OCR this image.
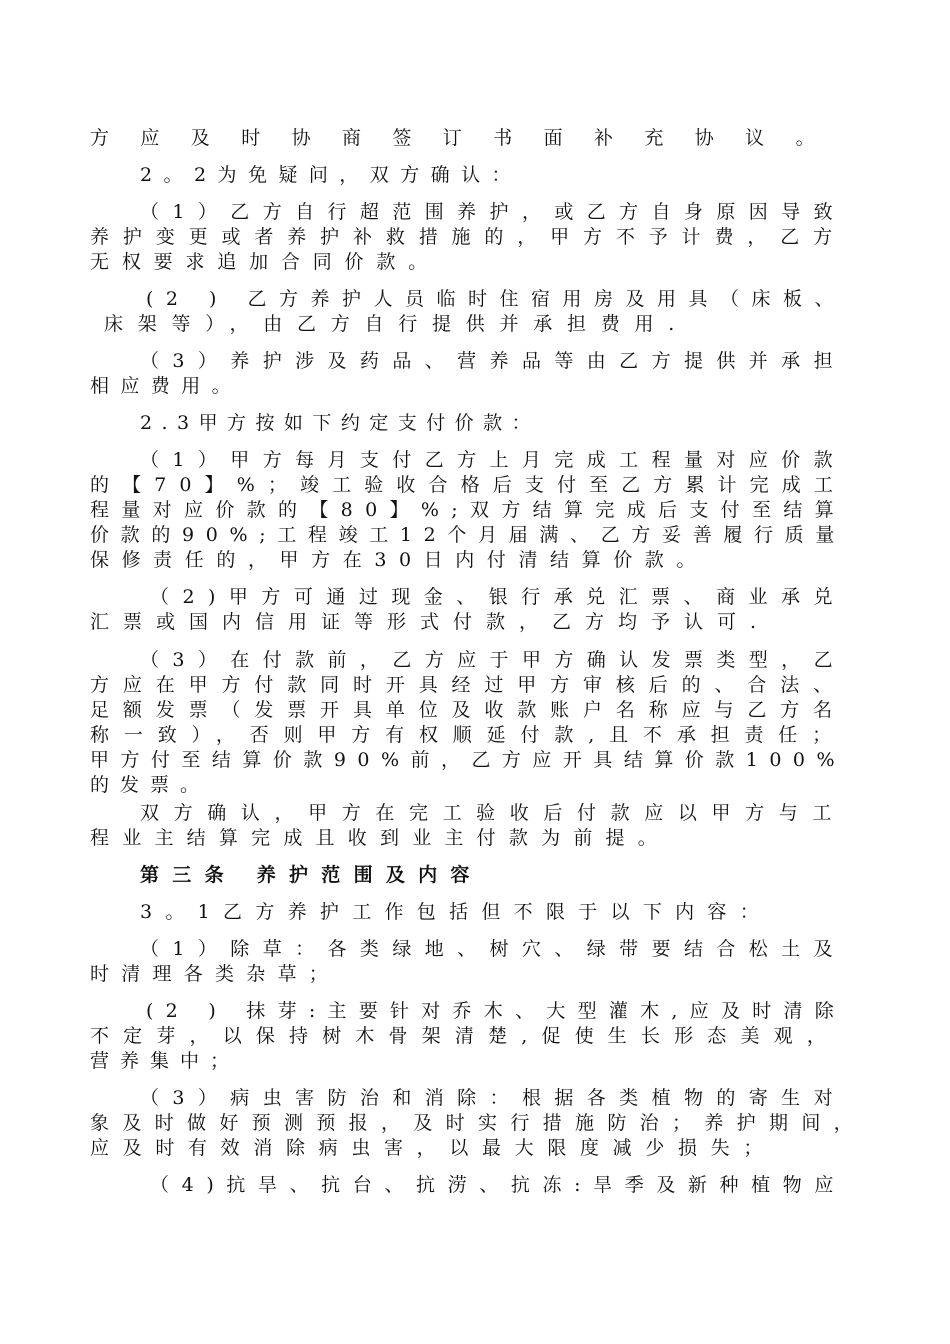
方应及时协商签订书面补充协议。
2。2为免疑问，双方确认：
（1）乙方自行超范围养护，或乙方自身原因导致
养护变更或者养护补救措施的，甲方不予计费，乙方
无权要求追加合同价款。
(2 ) 乙方养护人员临时住宿用房及用具（床板、
床架等），由乙方自行提供并承担费用.
（3）养护涉及药品、营养品等由乙方提供并承担
相应费用。
2.3甲方按如下约定支付价款：
（1）甲方每月支付乙方上月完成工程量对应价款
的【70】%；竣工验收合格后支付至乙方累计完成工
程量对应价款的【80】%;双方结算完成后支付至结算
价款的90%;工程竣工12个月届满、乙方妥善履行质量
保修责任的，甲方在30日内付清结算价款。
（2)甲方可通过现金、银行承兑汇票、商业承兑
汇票或国内信用证等形式付款，乙方均予认可.
（3）在付款前，乙方应于甲方确认发票类型，乙
方应在甲方付款同时开具经过甲方审核后的、合法、
足额发票（发票开具单位及收款账户名称应与乙方名
称一致），否则甲方有权顺延付款,且不承担责任；
甲方付至结算价款90%前，乙方应开具结算价款100%
的发票。
双方确认，甲方在完工验收后付款应以甲方与工
程业主结算完成且收到业主付款为前提。
第三条 养护范围及内容
3。1乙方养护工作包括但不限于以下内容：
（1）除草：各类绿地、树穴、绿带要结合松土及
时清理各类杂草；
(2 ) 抹芽:主要针对乔木、大型灌木,应及时清除
不定芽，以保持树木骨架清楚,促使生长形态美观，
营养集中；
（3）病虫害防治和消除：根据各类植物的寄生对
象及时做好预测预报，及时实行措施防治；养护期间，
应及时有效消除病虫害，以最大限度减少损失；
（4)抗旱、抗台、抗涝、抗冻:旱季及新种植物应
